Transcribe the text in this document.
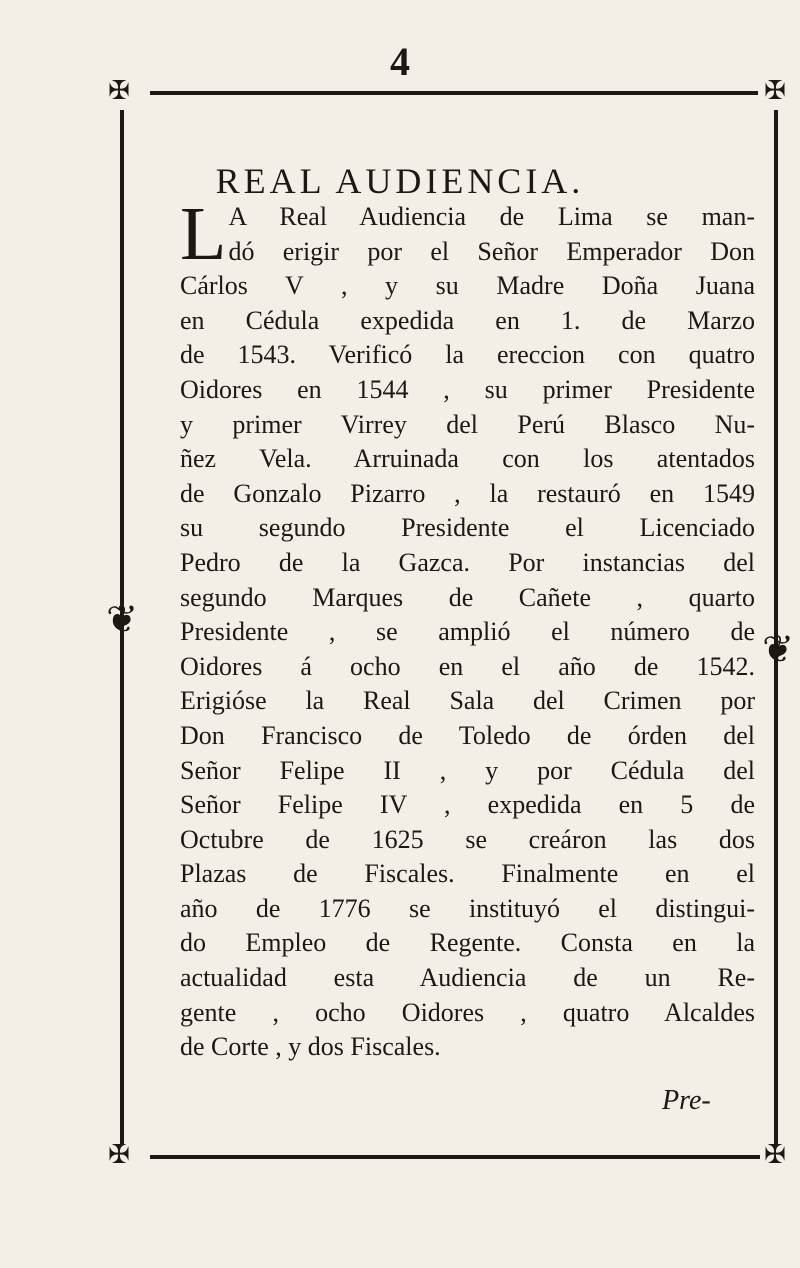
4
✠	✠
✠	✠
❦
❦
REAL AUDIENCIA.
L A Real Audiencia de Lima se man-
dó erigir por el Señor Emperador Don
Cárlos V , y su Madre Doña Juana
en Cédula expedida en 1. de Marzo
de 1543. Verificó la ereccion con quatro
Oidores en 1544 , su primer Presidente
y primer Virrey del Perú Blasco Nu-
ñez Vela. Arruinada con los atentados
de Gonzalo Pizarro , la restauró en 1549
su segundo Presidente el Licenciado
Pedro de la Gazca. Por instancias del
segundo Marques de Cañete , quarto
Presidente , se amplió el número de
Oidores á ocho en el año de 1542.
Erigióse la Real Sala del Crimen por
Don Francisco de Toledo de órden del
Señor Felipe II , y por Cédula del
Señor Felipe IV , expedida en 5 de
Octubre de 1625 se creáron las dos
Plazas de Fiscales. Finalmente en el
año de 1776 se instituyó el distingui-
do Empleo de Regente. Consta en la
actualidad esta Audiencia de un Re-
gente , ocho Oidores , quatro Alcaldes
de Corte , y dos Fiscales.
Pre-
